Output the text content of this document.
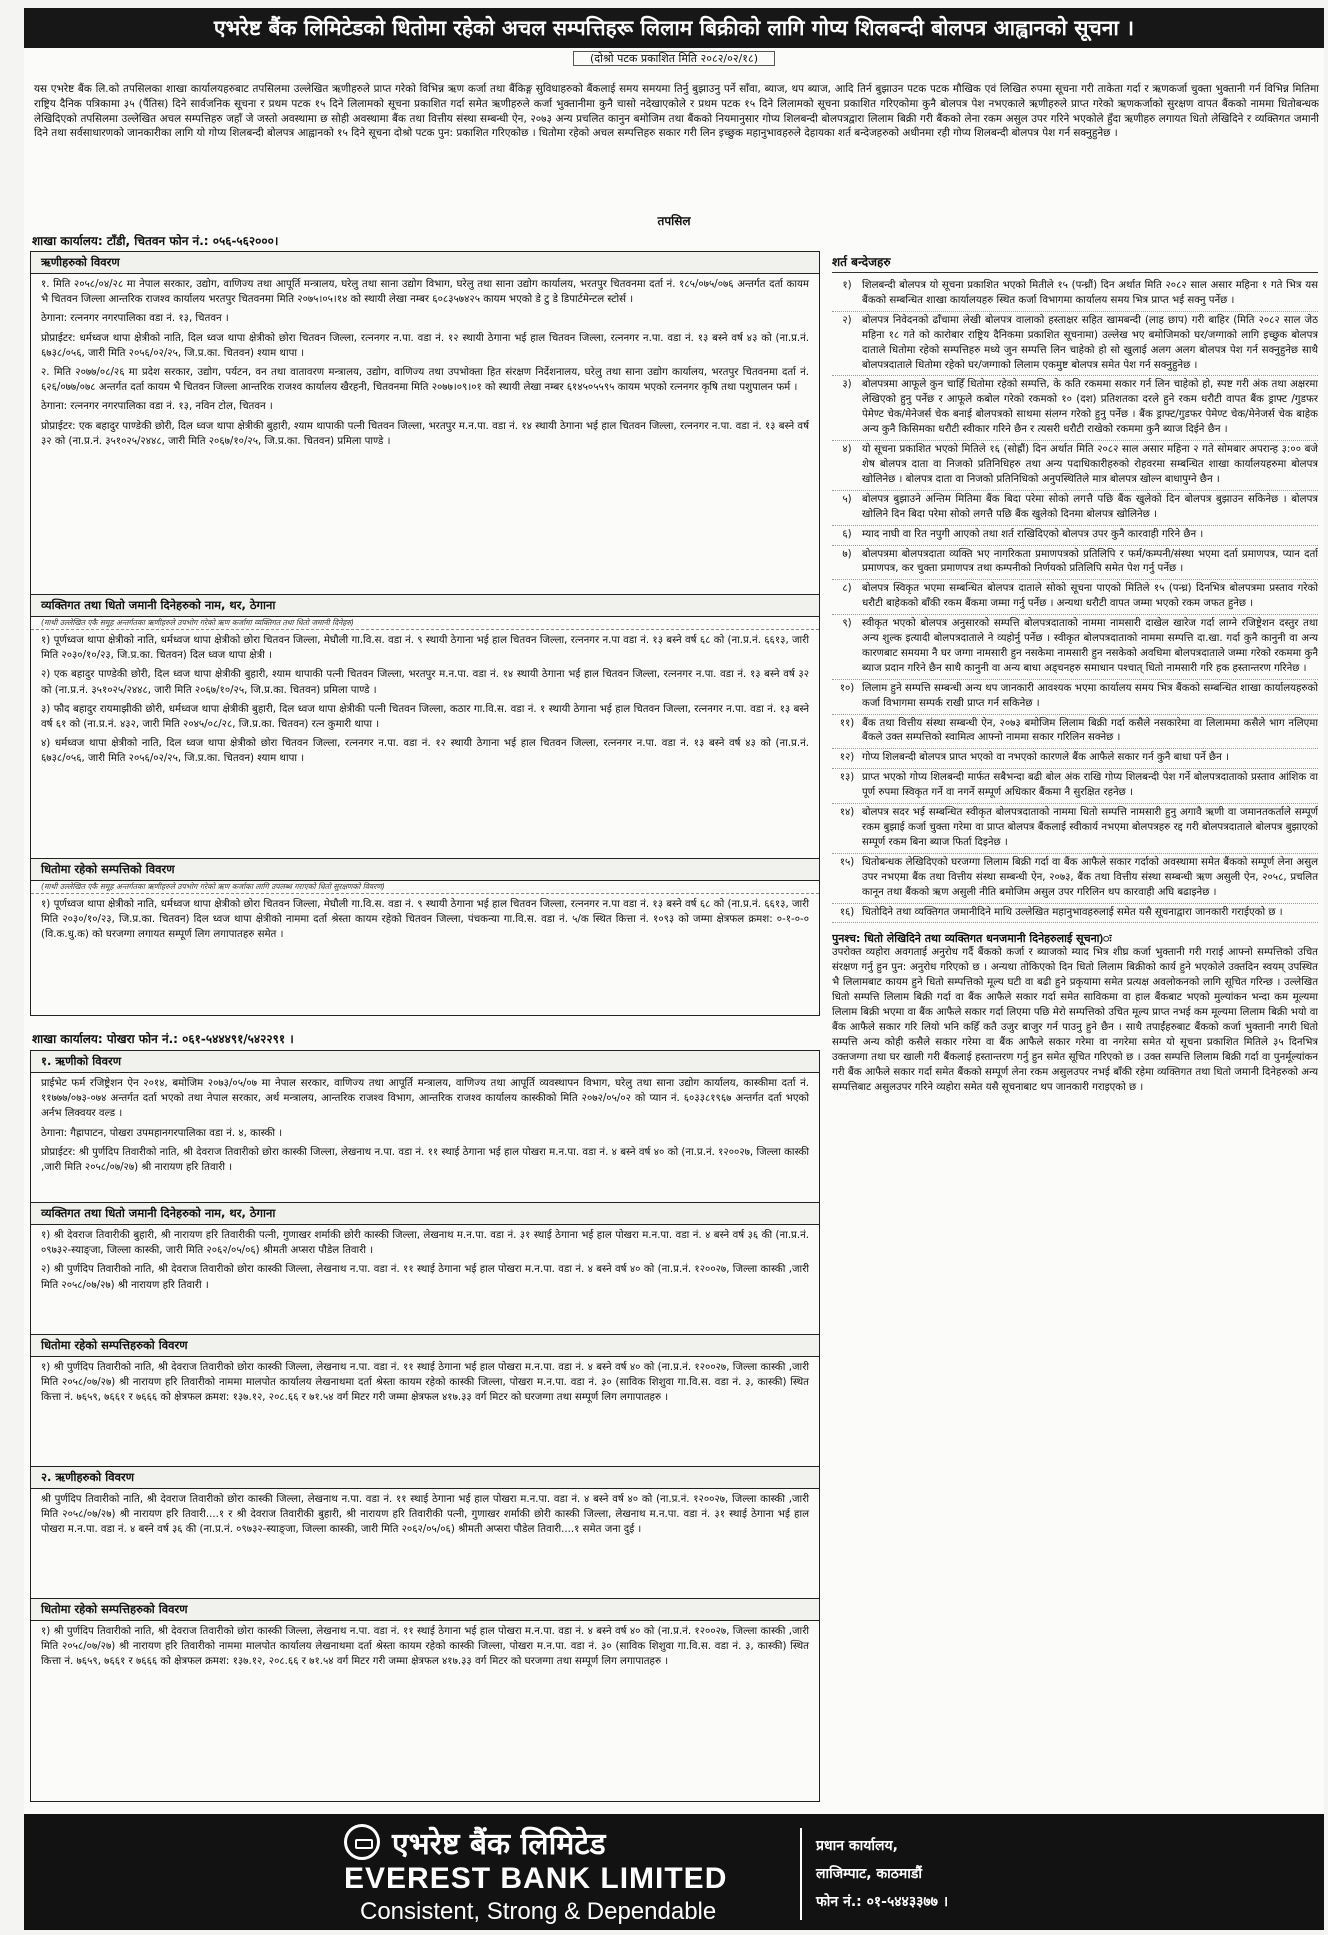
एभरेष्ट बैंक लिमिटेडको धितोमा रहेको अचल सम्पत्तिहरू लिलाम बिक्रीको लागि गोप्य शिलबन्दी बोलपत्र आह्वानको सूचना ।
(दोश्रो पटक प्रकाशित मिति २०८२/०२/१८)
यस एभरेष्ट बैंक लि.को तपसिलका शाखा कार्यालयहरुबाट तपसिलमा उल्लेखित ऋणीहरुले प्राप्त गरेको विभिन्न ऋण कर्जा तथा बैंकिङ्ग सुविधाहरुको बैंकलाई समय समयमा तिर्नु बुझाउनु पर्ने साँवा, ब्याज, थप ब्याज, आदि तिर्न बुझाउन पटक पटक मौखिक एवं लिखित रुपमा सूचना गरी ताकेता गर्दा र ऋणकर्जा चुक्ता भुक्तानी गर्न विभिन्न मितिमा राष्ट्रिय दैनिक पत्रिकामा ३५ (पैंतिस) दिने सार्वजनिक सूचना र प्रथम पटक १५ दिने लिलामको सूचना प्रकाशित गर्दा समेत ऋणीहरुले कर्जा भुक्तानीमा कुनै चासो नदेखाएकोले र प्रथम पटक १५ दिने लिलामको सूचना प्रकाशित गरिएकोमा कुनै बोलपत्र पेश नभएकाले ऋणीहरुले प्राप्त गरेको ऋणकर्जाको सुरक्षण वापत बैंकको नाममा धितोबन्धक लेखिदिएको तपसिलमा उल्लेखित अचल सम्पत्तिहरु जहाँ जे जस्तो अवस्थामा छ सोही अवस्थामा बैंक तथा वित्तीय संस्था सम्बन्धी ऐन, २०७३ अन्य प्रचलित कानुन बमोजिम तथा बैंकको नियमानुसार गोप्य शिलबन्दी बोलपत्रद्वारा लिलाम बिक्री गरी बैंकको लेना रकम असुल उपर गरिने भएकोले हुँदा ऋणीहरु लगायत धितो लेखिदिने र व्यक्तिगत जमानी दिने तथा सर्वसाधारणको जानकारीका लागि यो गोप्य शिलबन्दी बोलपत्र आह्वानको १५ दिने सूचना दोश्रो पटक पुन: प्रकाशित गरिएकोछ । धितोमा रहेको अचल सम्पत्तिहरु सकार गरी लिन इच्छुक महानुभावहरुले देहायका शर्त बन्देजहरुको अधीनमा रही गोप्य शिलबन्दी बोलपत्र पेश गर्न सक्नुहुनेछ ।
तपसिल
शाखा कार्यालय: टाँडी, चितवन फोन नं.: ०५६-५६२०००।
ऋणीहरुको विवरण

१. मिति २०५८/०४/२८ मा नेपाल सरकार, उद्योग, वाणिज्य तथा आपूर्ति मन्त्रालय, घरेलु तथा साना उद्योग विभाग, घरेलु तथा साना उद्योग कार्यालय, भरतपुर चितवनमा दर्ता नं. १८५/०७५/०७६ अन्तर्गत दर्ता कायम भै चितवन जिल्ला आन्तरिक राजश्व कार्यालय भरतपुर चितवनमा मिति २०७५।०५।१४ को स्थायी लेखा नम्बर ६०८३५७४२५ कायम भएको डे टु डे डिपार्टमेन्टल स्टोर्स ।

ठेगाना: रत्ननगर नगरपालिका वडा नं. १३, चितवन ।

प्रोप्राईटर: धर्मध्वज थापा क्षेत्रीको नाति, दिल ध्वज थापा क्षेत्रीको छोरा चितवन जिल्ला, रत्ननगर न.पा. वडा नं. १२ स्थायी ठेगाना भई हाल चितवन जिल्ला, रत्ननगर न.पा. वडा नं. १३ बस्ने वर्ष ४३ को (ना.प्र.नं. ६७३८/०५६, जारी मिति २०५६/०२/२५, जि.प्र.का. चितवन) श्याम थापा ।

२. मिति २०७७/०८/२६ मा प्रदेश सरकार, उद्योग, पर्यटन, वन तथा वातावरण मन्त्रालय, उद्योग, वाणिज्य तथा उपभोक्ता हित संरक्षण निर्देशनालय, घरेलु तथा साना उद्योग कार्यालय, भरतपुर चितवनमा दर्ता नं. ६२६/०७७/०७८ अन्तर्गत दर्ता कायम भै चितवन जिल्ला आन्तरिक राजश्व कार्यालय खैरहनी, चितवनमा मिति २०७७।०९।०१ को स्थायी लेखा नम्बर ६१४५०५५९५ कायम भएको रत्ननगर कृषि तथा पशुपालन फर्म ।

ठेगाना: रत्ननगर नगरपालिका वडा नं. १३, नविन टोल, चितवन ।

प्रोप्राईटर: एक बहादुर पाण्डेकी छोरी, दिल ध्वज थापा क्षेत्रीकी बुहारी, श्याम थापाकी पत्नी चितवन जिल्ला, भरतपुर म.न.पा. वडा नं. १४ स्थायी ठेगाना भई हाल चितवन जिल्ला, रत्ननगर न.पा. वडा नं. १३ बस्ने वर्ष ३२ को (ना.प्र.नं. ३५१०२५/२४४८, जारी मिति २०६७/१०/२५, जि.प्र.का. चितवन) प्रमिला पाण्डे ।

व्यक्तिगत तथा धितो जमानी दिनेहरुको नाम, थर, ठेगाना
(माथी उल्लेखित एकै समूह अन्तर्गतका ऋणीहरुले उपभोग गरेको ऋण कर्जामा व्यक्तिगत तथा धितो जमानी दिनेहरु)

१) पूर्णध्वज थापा क्षेत्रीको नाति, धर्मध्वज थापा क्षेत्रीको छोरा चितवन जिल्ला, मेघौली गा.वि.स. वडा नं. ९ स्थायी ठेगाना भई हाल चितवन जिल्ला, रत्ननगर न.पा वडा नं. १३ बस्ने वर्ष ६८ को (ना.प्र.नं. ६६१३, जारी मिति २०३०/१०/२३, जि.प्र.का. चितवन) दिल ध्वज थापा क्षेत्री ।

२) एक बहादुर पाण्डेकी छोरी, दिल ध्वज थापा क्षेत्रीकी बुहारी, श्याम थापाकी पत्नी चितवन जिल्ला, भरतपुर म.न.पा. वडा नं. १४ स्थायी ठेगाना भई हाल चितवन जिल्ला, रत्ननगर न.पा. वडा नं. १३ बस्ने वर्ष ३२ को (ना.प्र.नं. ३५१०२५/२४४८, जारी मिति २०६७/१०/२५, जि.प्र.का. चितवन) प्रमिला पाण्डे ।

३) फौद बहादुर रायमाझीकी छोरी, धर्मध्वज थापा क्षेत्रीकी बुहारी, दिल ध्वज थापा क्षेत्रीकी पत्नी चितवन जिल्ला, कठार गा.वि.स. वडा नं. १ स्थायी ठेगाना भई हाल चितवन जिल्ला, रत्ननगर न.पा. वडा नं. १३ बस्ने वर्ष ६१ को (ना.प्र.नं. ४३२, जारी मिति २०४५/०८/२८, जि.प्र.का. चितवन) रत्न कुमारी थापा ।

४) धर्मध्वज थापा क्षेत्रीको नाति, दिल ध्वज थापा क्षेत्रीको छोरा चितवन जिल्ला, रत्ननगर न.पा. वडा नं. १२ स्थायी ठेगाना भई हाल चितवन जिल्ला, रत्ननगर न.पा. वडा नं. १३ बस्ने वर्ष ४३ को (ना.प्र.नं. ६७३८/०५६, जारी मिति २०५६/०२/२५, जि.प्र.का. चितवन) श्याम थापा ।

धितोमा रहेको सम्पत्तिको विवरण
(माथी उल्लेखित एकै समूह अन्तर्गतका ऋणीहरुले उपभोग गरेको ऋण कर्जाका लागि उपलब्ध गराएको धितो सुरक्षणको विवरण)

१) पूर्णध्वज थापा क्षेत्रीको नाति, धर्मध्वज थापा क्षेत्रीको छोरा चितवन जिल्ला, मेघौली गा.वि.स. वडा नं. ९ स्थायी ठेगाना भई हाल चितवन जिल्ला, रत्ननगर न.पा वडा नं. १३ बस्ने वर्ष ६८ को (ना.प्र.नं. ६६१३, जारी मिति २०३०/१०/२३, जि.प्र.का. चितवन) दिल ध्वज थापा क्षेत्रीको नाममा दर्ता श्रेस्ता कायम रहेको चितवन जिल्ला, पंचकन्या गा.वि.स. वडा नं. ५/क स्थित कित्ता नं. १०९३ को जम्मा क्षेत्रफल क्रमश: ०-१-०-० (वि.क.धु.क) को घरजग्गा लगायत सम्पूर्ण लिग लगापातहरु समेत ।

शाखा कार्यालय: पोखरा फोन नं.: ०६१-५४४४९१/५४२२९१ ।
१. ऋणीको विवरण

प्राईभेट फर्म रजिष्ट्रेशन ऐन २०१४, बमोजिम २०७३/०५/०७ मा नेपाल सरकार, वाणिज्य तथा आपूर्ति मन्त्रालय, वाणिज्य तथा आपूर्ति व्यवस्थापन विभाग, घरेलु तथा साना उद्योग कार्यालय, कास्कीमा दर्ता नं. ११७७७/०७३-०७४ अन्तर्गत दर्ता भएको तथा नेपाल सरकार, अर्थ मन्त्रालय, आन्तरिक राजश्व विभाग, आन्तरिक राजश्व कार्यालय कास्कीको मिति २०७२/०५/०२ को प्यान नं. ६०३३८१९६७ अन्तर्गत दर्ता भएको अर्नभ लिक्वयर वल्ड ।

ठेगाना: गैह्रापाटन, पोखरा उपमहानगरपालिका वडा नं. ४, कास्की ।

प्रोप्राईटर: श्री पुर्णदिप तिवारीको नाति, श्री देवराज तिवारीको छोरा कास्की जिल्ला, लेखनाथ न.पा. वडा नं. ११ स्थाई ठेगाना भई हाल पोखरा म.न.पा. वडा नं. ४ बस्ने वर्ष ४० को (ना.प्र.नं. १२००२७, जिल्ला कास्की ,जारी मिति २०५८/०७/२७) श्री नारायण हरि तिवारी ।

व्यक्तिगत तथा धितो जमानी दिनेहरुको नाम, थर, ठेगाना

१) श्री देवराज तिवारीकी बुहारी, श्री नारायण हरि तिवारीकी पत्नी, गुणाखर शर्माकी छोरी कास्की जिल्ला, लेखनाथ म.न.पा. वडा नं. ३१ स्थाई ठेगाना भई हाल पोखरा म.न.पा. वडा नं. ४ बस्ने वर्ष ३६ की (ना.प्र.नं. ०९७३२-स्याङ्जा, जिल्ला कास्की, जारी मिति २०६२/०५/०६) श्रीमती अप्सरा पौडेल तिवारी ।

२) श्री पुर्णदिप तिवारीको नाति, श्री देवराज तिवारीको छोरा कास्की जिल्ला, लेखनाथ न.पा. वडा नं. ११ स्थाई ठेगाना भई हाल पोखरा म.न.पा. वडा नं. ४ बस्ने वर्ष ४० को (ना.प्र.नं. १२००२७, जिल्ला कास्की ,जारी मिति २०५८/०७/२७) श्री नारायण हरि तिवारी ।

धितोमा रहेको सम्पत्तिहरुको विवरण

१) श्री पुर्णदिप तिवारीको नाति, श्री देवराज तिवारीको छोरा कास्की जिल्ला, लेखनाथ न.पा. वडा नं. ११ स्थाई ठेगाना भई हाल पोखरा म.न.पा. वडा नं. ४ बस्ने वर्ष ४० को (ना.प्र.नं. १२००२७, जिल्ला कास्की ,जारी मिति २०५८/०७/२७) श्री नारायण हरि तिवारीको नाममा मालपोत कार्यालय लेखनाथमा दर्ता श्रेस्ता कायम रहेको कास्की जिल्ला, पोखरा म.न.पा. वडा नं. ३० (साविक शिशुवा गा.वि.स. वडा नं. ३, कास्की) स्थित कित्ता नं. ७६५९, ७६६१ र ७६६६ को क्षेत्रफल क्रमश: १३७.१२, २०८.६६ र ७१.५४ वर्ग मिटर गरी जम्मा क्षेत्रफल ४१७.३३ वर्ग मिटर को घरजग्गा तथा सम्पूर्ण लिग लगापातहरु ।

२. ऋणीहरुको विवरण

श्री पुर्णदिप तिवारीको नाति, श्री देवराज तिवारीको छोरा कास्की जिल्ला, लेखनाथ न.पा. वडा नं. ११ स्थाई ठेगाना भई हाल पोखरा म.न.पा. वडा नं. ४ बस्ने वर्ष ४० को (ना.प्र.नं. १२००२७, जिल्ला कास्की ,जारी मिति २०५८/०७/२७) श्री नारायण हरि तिवारी....१ र श्री देवराज तिवारीकी बुहारी, श्री नारायण हरि तिवारीकी पत्नी, गुणाखर शर्माकी छोरी कास्की जिल्ला, लेखनाथ म.न.पा. वडा नं. ३१ स्थाई ठेगाना भई हाल पोखरा म.न.पा. वडा नं. ४ बस्ने वर्ष ३६ की (ना.प्र.नं. ०९७३२-स्याङ्जा, जिल्ला कास्की, जारी मिति २०६२/०५/०६) श्रीमती अप्सरा पौडेल तिवारी....१ समेत जना दुई ।

धितोमा रहेको सम्पत्तिहरुको विवरण

१) श्री पुर्णदिप तिवारीको नाति, श्री देवराज तिवारीको छोरा कास्की जिल्ला, लेखनाथ न.पा. वडा नं. ११ स्थाई ठेगाना भई हाल पोखरा म.न.पा. वडा नं. ४ बस्ने वर्ष ४० को (ना.प्र.नं. १२००२७, जिल्ला कास्की ,जारी मिति २०५८/०७/२७) श्री नारायण हरि तिवारीको नाममा मालपोत कार्यालय लेखनाथमा दर्ता श्रेस्ता कायम रहेको कास्की जिल्ला, पोखरा म.न.पा. वडा नं. ३० (साविक शिशुवा गा.वि.स. वडा नं. ३, कास्की) स्थित कित्ता नं. ७६५९, ७६६१ र ७६६६ को क्षेत्रफल क्रमश: १३७.१२, २०८.६६ र ७१.५४ वर्ग मिटर गरी जम्मा क्षेत्रफल ४१७.३३ वर्ग मिटर को घरजग्गा तथा सम्पूर्ण लिग लगापातहरु ।

शर्त बन्देजहरु
१)	शिलबन्दी बोलपत्र यो सूचना प्रकाशित भएको मितीले १५ (पन्ध्रौं) दिन अर्थात मिति २०८२ साल असार महिना १ गते भित्र यस बैंकको सम्बन्धित शाखा कार्यालयहरु स्थित कर्जा विभागमा कार्यालय समय भित्र प्राप्त भई सक्नु पर्नेछ ।
२)	बोलपत्र निवेदनको ढाँचामा लेखी बोलपत्र वालाको हस्ताक्षर सहित खामबन्दी (लाह छाप) गरी बाहिर (मिति २०८२ साल जेठ महिना १८ गते को कारोबार राष्ट्रिय दैनिकमा प्रकाशित सूचनामा) उल्लेख भए बमोजिमको घर/जग्गाको लागि इच्छुक बोलपत्र दाताले धितोमा रहेको सम्पत्तिहरु मध्ये जुन सम्पत्ति लिन चाहेको हो सो खुलाई अलग अलग बोलपत्र पेश गर्न सक्नुहुनेछ साथै बोलपत्रदाताले धितोमा रहेको घर/जग्गाको लिलाम एकमुष्ट बोलपत्र समेत पेश गर्न सक्नुहुनेछ ।
३)	बोलपत्रमा आफूले कुन चाहिँ धितोमा रहेको सम्पत्ति, के कति रकममा सकार गर्न लिन चाहेको हो, स्पष्ट गरी अंक तथा अक्षरमा लेखिएको हुनु पर्नेछ र आफूले कबोल गरेको रकमको १० (दश) प्रतिशतका दरले हुने रकम धरौटी वापत बैंक ड्राफ्ट /गुडफर पेमेण्ट चेक/मेनेजर्स चेक बनाई बोलपत्रको साथमा संलग्न गरेको हुनु पर्नेछ । बैंक ड्राफ्ट/गुडफर पेमेण्ट चेक/मेनेजर्स चेक बाहेक अन्य कुनै किसिमका धरौटी स्वीकार गरिने छैन र त्यसरी धरौटी राखेको रकममा कुनै ब्याज दिईने छैन ।
४)	यो सूचना प्रकाशित भएको मितिले १६ (सोह्रौं) दिन अर्थात मिति २०८२ साल असार महिना २ गते सोमबार अपरान्ह ३:०० बजे शेष बोलपत्र दाता वा निजको प्रतिनिधिहरु तथा अन्य पदाधिकारीहरुको रोहवरमा सम्बन्धित शाखा कार्यालयहरुमा बोलपत्र खोलिनेछ । बोलपत्र दाता वा निजको प्रतिनिधिको अनुपस्थितिले मात्र बोलपत्र खोल्न बाधापुग्ने छैन ।
५)	बोलपत्र बुझाउने अन्तिम मितिमा बैंक बिदा परेमा सोको लगत्तै पछि बैंक खुलेको दिन बोलपत्र बुझाउन सकिनेछ । बोलपत्र खोलिने दिन बिदा परेमा सोको लगत्तै पछि बैंक खुलेको दिनमा बोलपत्र खोलिनेछ ।
६)	म्याद नाघी वा रित नपुगी आएको तथा शर्त राखिदिएको बोलपत्र उपर कुनै कारवाही गरिने छैन ।
७)	बोलपत्रमा बोलपत्रदाता व्यक्ति भए नागरिकता प्रमाणपत्रको प्रतिलिपि र फर्म/कम्पनी/संस्था भएमा दर्ता प्रमाणपत्र, प्यान दर्ता प्रमाणपत्र, कर चुक्ता प्रमाणपत्र तथा कम्पनीको निर्णयको प्रतिलिपि समेत पेश गर्नु पर्नेछ ।
८)	बोलपत्र स्विकृत भएमा सम्बन्धित बोलपत्र दाताले सोको सूचना पाएको मितिले १५ (पन्ध्र) दिनभित्र बोलपत्रमा प्रस्ताव गरेको धरौटी बाहेकको बाँकी रकम बैंकमा जम्मा गर्नु पर्नेछ । अन्यथा धरौटी वापत जम्मा भएको रकम जफत हुनेछ ।
९)	स्वीकृत भएको बोलपत्र अनुसारको सम्पत्ति बोलपत्रदाताको नाममा नामसारी दाखेल खारेज गर्दा लाग्ने रजिष्ट्रेशन दस्तुर तथा अन्य शुल्क इत्यादी बोलपत्रदाताले ने व्यहोर्नु पर्नेछ । स्वीकृत बोलपत्रदाताको नाममा सम्पत्ति दा.खा. गर्दा कुनै कानुनी वा अन्य कारणबाट समयमा नै घर जग्गा नामसारी हुन नसकेमा नामसारी हुन नसकेको अवधिमा बोलपत्रदाताले जम्मा गरेको रकममा कुनै ब्याज प्रदान गरिने छैन साथै कानुनी वा अन्य बाधा अड्चनहरु समाधान पश्चात् धितो नामसारी गरि हक हस्तान्तरण गरिनेछ ।
१०) लिलाम हुने सम्पत्ति सम्बन्धी अन्य थप जानकारी आवश्यक भएमा कार्यालय समय भित्र बैंकको सम्बन्धित शाखा कार्यालयहरुको कर्जा विभागमा सम्पर्क राखी प्राप्त गर्न सकिनेछ ।
११) बैंक तथा वित्तीय संस्था सम्बन्धी ऐन, २०७३ बमोजिम लिलाम बिक्री गर्दा कसैले नसकारेमा वा लिलाममा कसैले भाग नलिएमा बैंकले उक्त सम्पत्तिको स्वामित्व आफ्नो नाममा सकार गरिलिन सक्नेछ ।
१२) गोप्य शिलबन्दी बोलपत्र प्राप्त भएको वा नभएको कारणले बैंक आफैले सकार गर्न कुनै बाधा पर्ने छैन ।
१३) प्राप्त भएको गोप्य शिलबन्दी मार्फत सबैभन्दा बढी बोल अंक राखि गोप्य शिलबन्दी पेश गर्ने बोलपत्रदाताको प्रस्ताव आंशिक वा पूर्ण रुपमा स्विकृत गर्ने वा नगर्ने सम्पूर्ण अधिकार बैंकमा नै सुरक्षित रहनेछ ।
१४) बोलपत्र सदर भई सम्बन्धित स्वीकृत बोलपत्रदाताको नाममा धितो सम्पत्ति नामसारी हुनु अगावै ऋणी वा जमानतकर्ताले सम्पूर्ण रकम बुझाई कर्जा चुक्ता गरेमा वा प्राप्त बोलपत्र बैंकलाई स्वीकार्य नभएमा बोलपत्रहरु रद्द गरी बोलपत्रदाताले बोलपत्र बुझाएको सम्पूर्ण रकम बिना ब्याज फिर्ता दिइनेछ ।
१५) धितोबन्धक लेखिदिएको घरजग्गा लिलाम बिक्री गर्दा वा बैंक आफैले सकार गर्दाको अवस्थामा समेत बैंकको सम्पूर्ण लेना असुल उपर नभएमा बैंक तथा वित्तीय संस्था सम्बन्धी ऐन, २०७३, बैंक तथा वित्तीय संस्था सम्बन्धी ऋण असुली ऐन, २०५८, प्रचलित कानून तथा बैंकको ऋण असुली नीति बमोजिम असुल उपर गरिलिन थप कारवाही अघि बढाइनेछ ।
१६) धितोदिने तथा व्यक्तिगत जमानीदिने माथि उल्लेखित महानुभावहरुलाई समेत यसै सूचनाद्वारा जानकारी गराईएको छ ।
पुनश्च: धितो लेखिदिने तथा व्यक्तिगत धनजमानी दिनेहरुलाई सूचना)ः
उपरोक्त व्यहोरा अवगताई अनुरोध गर्दै बैंकको कर्जा र ब्याजको म्याद भित्र शीघ्र कर्जा भुक्तानी गरी गराई आफ्नो सम्पत्तिको उचित संरक्षण गर्नु हुन पुन: अनुरोध गरिएको छ । अन्यथा तोकिएको दिन धितो लिलाम बिक्रीको कार्य हुने भएकोले उक्तदिन स्वयम् उपस्थित भै लिलामबाट कायम हुने धितो सम्पत्तिको मूल्य घटी वा बढी हुने प्रकृयामा समेत प्रत्यक्ष अवलोकनको लागि सूचित गरिन्छ । उल्लेखित धितो सम्पत्ति लिलाम बिक्री गर्दा वा बैंक आफैले सकार गर्दा समेत साविकमा वा हाल बैंकबाट भएको मुल्यांकन भन्दा कम मूल्यमा लिलाम बिक्री भएमा वा बैंक आफैले सकार गर्दा लिएमा पछि मेरो सम्पत्तिको उचित मूल्य प्राप्त नभई कम मूल्यमा लिलाम बिक्री भयो वा बैंक आफैले सकार गरि लियो भनि कहिँ कतै उजुर बाजुर गर्न पाउनु हुने छैन । साथै तपाईंहरुबाट बैंकको कर्जा भुक्तानी नगरी धितो सम्पत्ति अन्य कोही कसैले सकार गरेमा वा बैंक आफैले सकार गरेमा वा नगरेमा समेत यो सूचना प्रकाशित मितिले ३५ दिनभित्र उक्तजग्गा तथा घर खाली गरी बैंकलाई हस्तान्तरण गर्नु हुन समेत सूचित गरिएको छ । उक्त सम्पत्ति लिलाम बिक्री गर्दा वा पुनर्मूल्यांकन गरी बैंक आफैले सकार गर्दा समेत बैंकको सम्पूर्ण लेना रकम असुलउपर नभई बाँकी रहेमा व्यक्तिगत तथा धितो जमानी दिनेहरुको अन्य सम्पत्तिबाट असुलउपर गरिने व्यहोरा समेत यसै सूचनाबाट थप जानकारी गराइएको छ ।
एभरेष्ट बैंक लिमिटेड
EVEREST BANK LIMITED
Consistent, Strong & Dependable
प्रधान कार्यालय,
लाजिम्पाट, काठमाडौं
फोन नं.: ०१-५४४३३७७ ।
